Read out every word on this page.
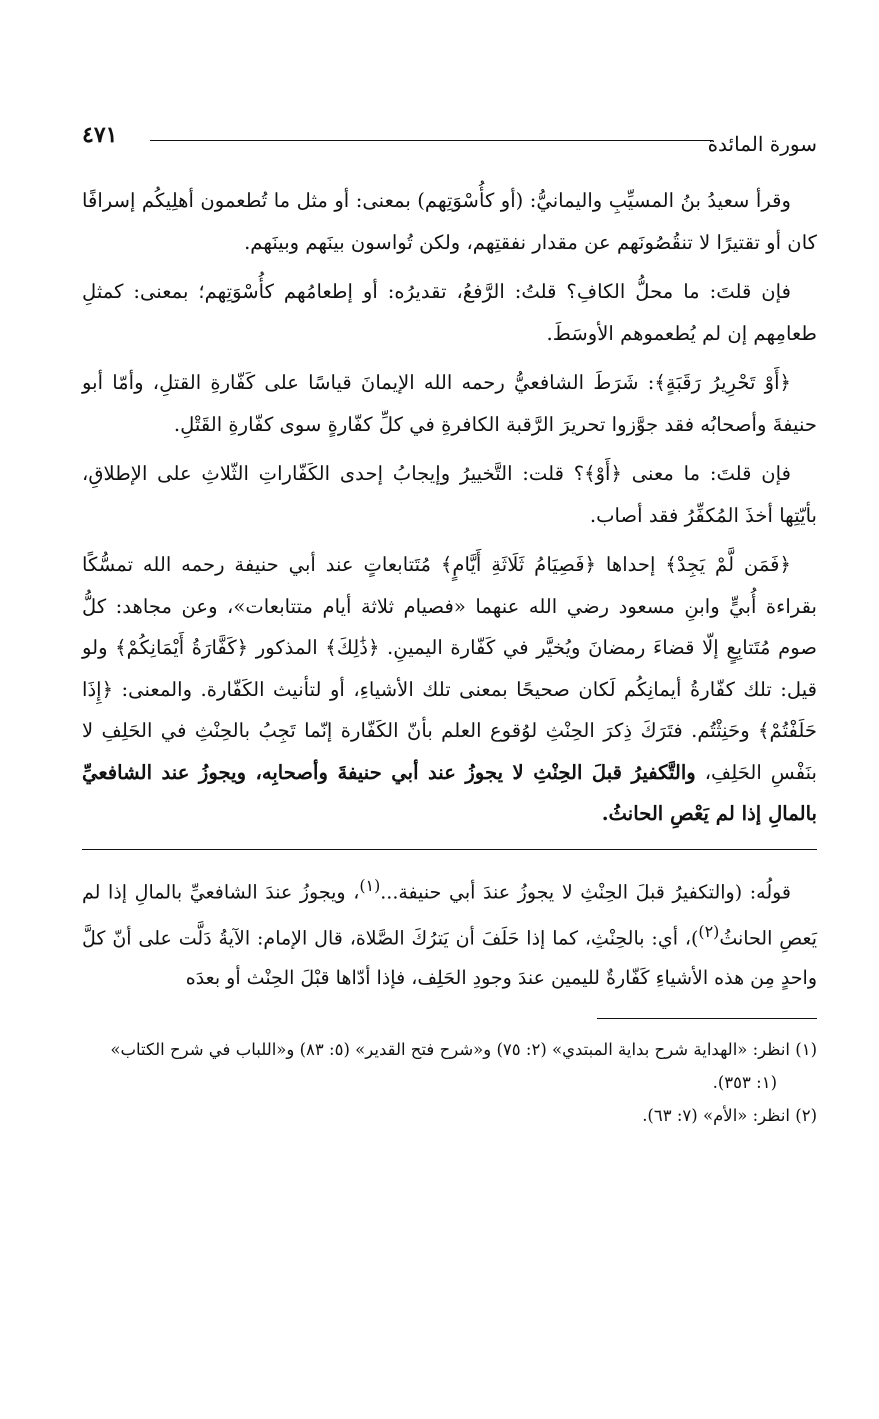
سورة المائدة
٤٧١

وقرأ سعيدُ بنُ المسيِّبِ واليمانيُّ: (أو كأُسْوَتِهم) بمعنى: أو مثل ما تُطعمون أهلِيكُم إسرافًا كان أو تقتيرًا لا تنقُصُونَهم عن مقدار نفقتِهم، ولكن تُواسون بينَهم وبينَهم.

فإن قلتَ: ما محلُّ الكافِ؟ قلتُ: الرَّفعُ، تقديرُه: أو إطعامُهم كأُسْوَتِهم؛ بمعنى: كمثلِ طعامِهم إن لم يُطعموهم الأوسَطَ.

﴿أَوْ تَحْرِيرُ رَقَبَةٍ﴾: شَرَطَ الشافعيُّ رحمه الله الإيمانَ قياسًا على كَفّارةِ القتلِ، وأمّا أبو حنيفةَ وأصحابُه فقد جوَّزوا تحريرَ الرَّقبة الكافرةِ في كلِّ كفّارةٍ سوى كفّارةِ القَتْلِ.

فإن قلتَ: ما معنى ﴿أَوْ﴾؟ قلت: التَّخييرُ وإيجابُ إحدى الكَفّاراتِ الثّلاثِ على الإطلاقِ، بأيّتِها أخذَ المُكفِّرُ فقد أصاب.

﴿فَمَن لَّمْ يَجِدْ﴾ إحداها ﴿فَصِيَامُ ثَلَاثَةِ أَيَّامٍ﴾ مُتَتابعاتٍ عند أبي حنيفة رحمه الله تمسُّكًا بقراءة أُبيٍّ وابنِ مسعود رضي الله عنهما «فصيام ثلاثة أيام متتابعات»، وعن مجاهد: كلُّ صوم مُتَتابِعٍ إلّا قضاءَ رمضانَ ويُخيَّر في كَفّارة اليمينِ. ﴿ذَٰلِكَ﴾ المذكور ﴿كَفَّارَةُ أَيْمَانِكُمْ﴾ ولو قيل: تلك كفّارةُ أيمانِكُم لَكان صحيحًا بمعنى تلك الأشياءِ، أو لتأنيث الكَفّارة. والمعنى: ﴿إِذَا حَلَفْتُمْ﴾ وحَنِثْتُم. فتَرَكَ ذِكرَ الحِنْثِ لوُقوع العلم بأنّ الكَفّارة إنّما تَجِبُ بالحِنْثِ في الحَلِفِ لا بنَفْسِ الحَلِفِ، والتَّكفيرُ قبلَ الحِنْثِ لا يجوزُ عند أبي حنيفةَ وأصحابِه، ويجوزُ عند الشافعيِّ بالمالِ إذا لم يَعْصِ الحانثُ.

قولُه: (والتكفيرُ قبلَ الحِنْثِ لا يجوزُ عندَ أبي حنيفة...$^{(١)}$، ويجوزُ عندَ الشافعيِّ بالمالِ إذا لم يَعصِ الحانثُ$^{(٢)}$)، أي: بالحِنْثِ، كما إذا حَلَفَ أن يَترُكَ الصَّلاة، قال الإمام: الآيةُ دَلَّت على أنّ كلَّ واحدٍ مِن هذه الأشياءِ كَفّارةٌ لليمين عندَ وجودِ الحَلِف، فإذا أدّاها قبْلَ الحِنْث أو بعدَه

(١) انظر: «الهداية شرح بداية المبتدي» (٢: ٧٥) و«شرح فتح القدير» (٥: ٨٣) و«اللباب في شرح الكتاب»

(١: ٣٥٣).

(٢) انظر: «الأم» (٧: ٦٣).
